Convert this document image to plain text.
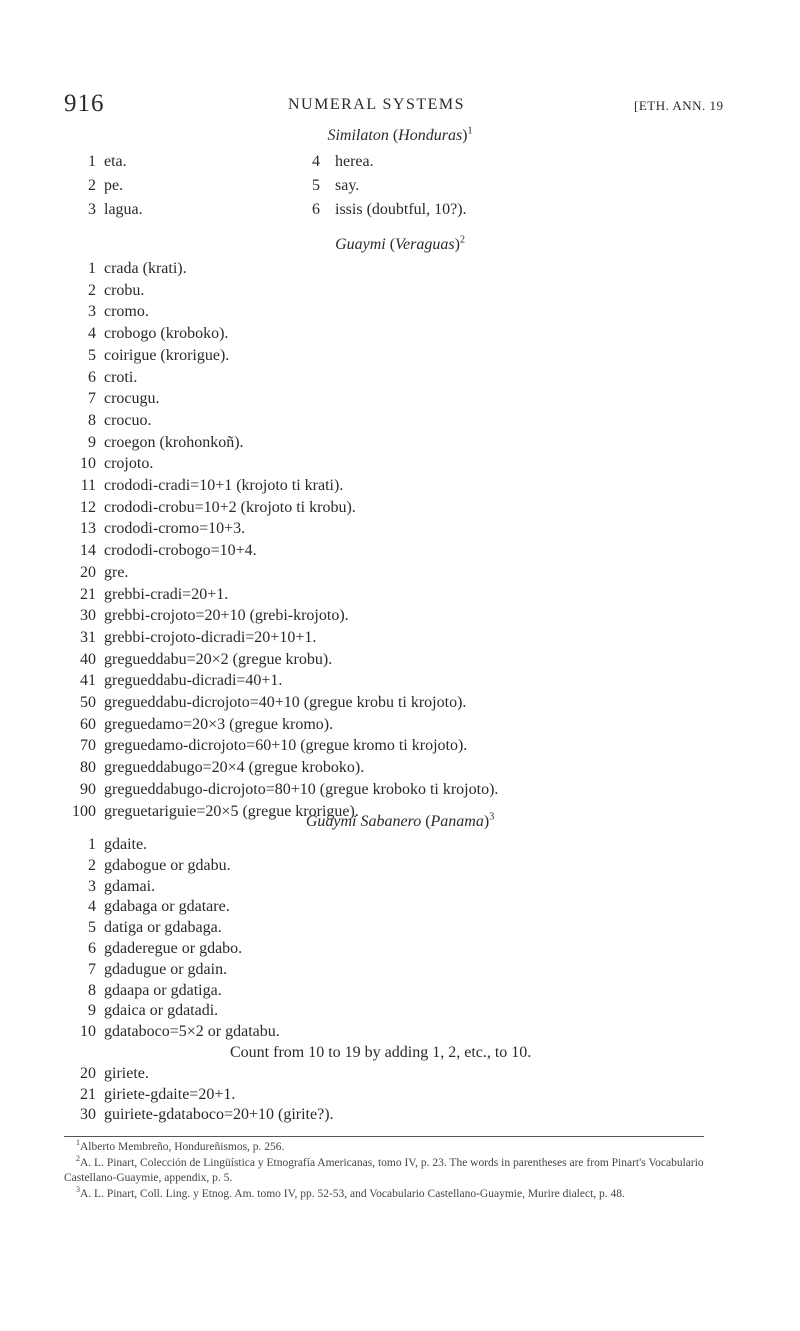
916	NUMERAL SYSTEMS	[ETH. ANN. 19
Similaton (Honduras)$^1$
1 eta.	4 herea.
2 pe.	5 say.
3 lagua.	6 issis (doubtful, 10?).
Guaymi (Veraguas)$^2$
1 crada (krati).
2 crobu.
3 cromo.
4 crobogo (kroboko).
5 coirigue (krorigue).
6 croti.
7 crocugu.
8 crocuo.
9 croegon (krohonkoñ).
10 crojoto.
11 crododi-cradi=10+1 (krojoto ti krati).
12 crododi-crobu=10+2 (krojoto ti krobu).
13 crododi-cromo=10+3.
14 crododi-crobogo=10+4.
20 gre.
21 grebbi-cradi=20+1.
30 grebbi-crojoto=20+10 (grebi-krojoto).
31 grebbi-crojoto-dicradi=20+10+1.
40 gregueddabu=20×2 (gregue krobu).
41 gregueddabu-dicradi=40+1.
50 gregueddabu-dicrojoto=40+10 (gregue krobu ti krojoto).
60 greguedamo=20×3 (gregue kromo).
70 greguedamo-dicrojoto=60+10 (gregue kromo ti krojoto).
80 gregueddabugo=20×4 (gregue kroboko).
90 gregueddabugo-dicrojoto=80+10 (gregue kroboko ti krojoto).
100 greguetariguie=20×5 (gregue krorigue).
Guaymi Sabanero (Panama)$^3$
1 gdaite.
2 gdabogue or gdabu.
3 gdamai.
4 gdabaga or gdatare.
5 datiga or gdabaga.
6 gdaderegue or gdabo.
7 gdadugue or gdain.
8 gdaapa or gdatiga.
9 gdaica or gdatadi.
10 gdataboco=5×2 or gdatabu.
Count from 10 to 19 by adding 1, 2, etc., to 10.
20 giriete.
21 giriete-gdaite=20+1.
30 guiriete-gdataboco=20+10 (girite?).
$^1$Alberto Membreño, Hondureñismos, p. 256.
$^2$A. L. Pinart, Colección de Lingüística y Etnografía Americanas, tomo IV, p. 23. The words in parentheses are from Pinart's Vocabulario Castellano-Guaymie, appendix, p. 5.
$^3$A. L. Pinart, Coll. Ling. y Etnog. Am. tomo IV, pp. 52-53, and Vocabulario Castellano-Guaymie, Murire dialect, p. 48.
